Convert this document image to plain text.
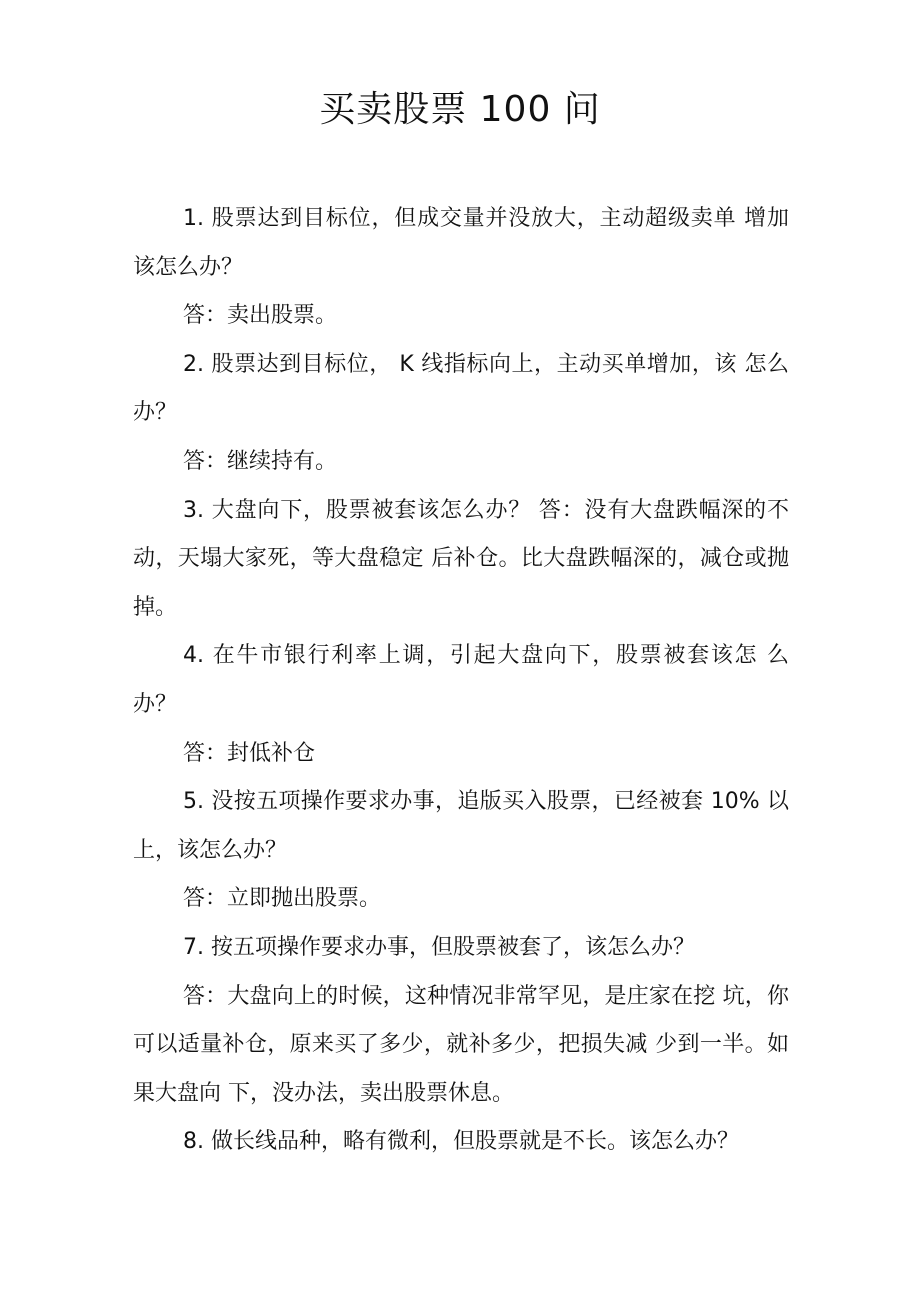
买卖股票 100 问

1. 股票达到目标位，但成交量并没放大，主动超级卖单 增加该怎么办？

答：卖出股票。

2. 股票达到目标位， K 线指标向上，主动买单增加，该 怎么办？

答：继续持有。

3. 大盘向下，股票被套该怎么办？ 答：没有大盘跌幅深的不动，天塌大家死，等大盘稳定 后补仓。比大盘跌幅深的，减仓或抛掉。

4. 在牛市银行利率上调，引起大盘向下，股票被套该怎 么办？

答：封低补仓

5. 没按五项操作要求办事，追版买入股票，已经被套 10% 以上，该怎么办？

答：立即抛出股票。

7. 按五项操作要求办事，但股票被套了，该怎么办？

答：大盘向上的时候，这种情况非常罕见，是庄家在挖 坑，你可以适量补仓，原来买了多少，就补多少，把损失减 少到一半。如果大盘向 下，没办法，卖出股票休息。

8. 做长线品种，略有微利，但股票就是不长。该怎么办？
